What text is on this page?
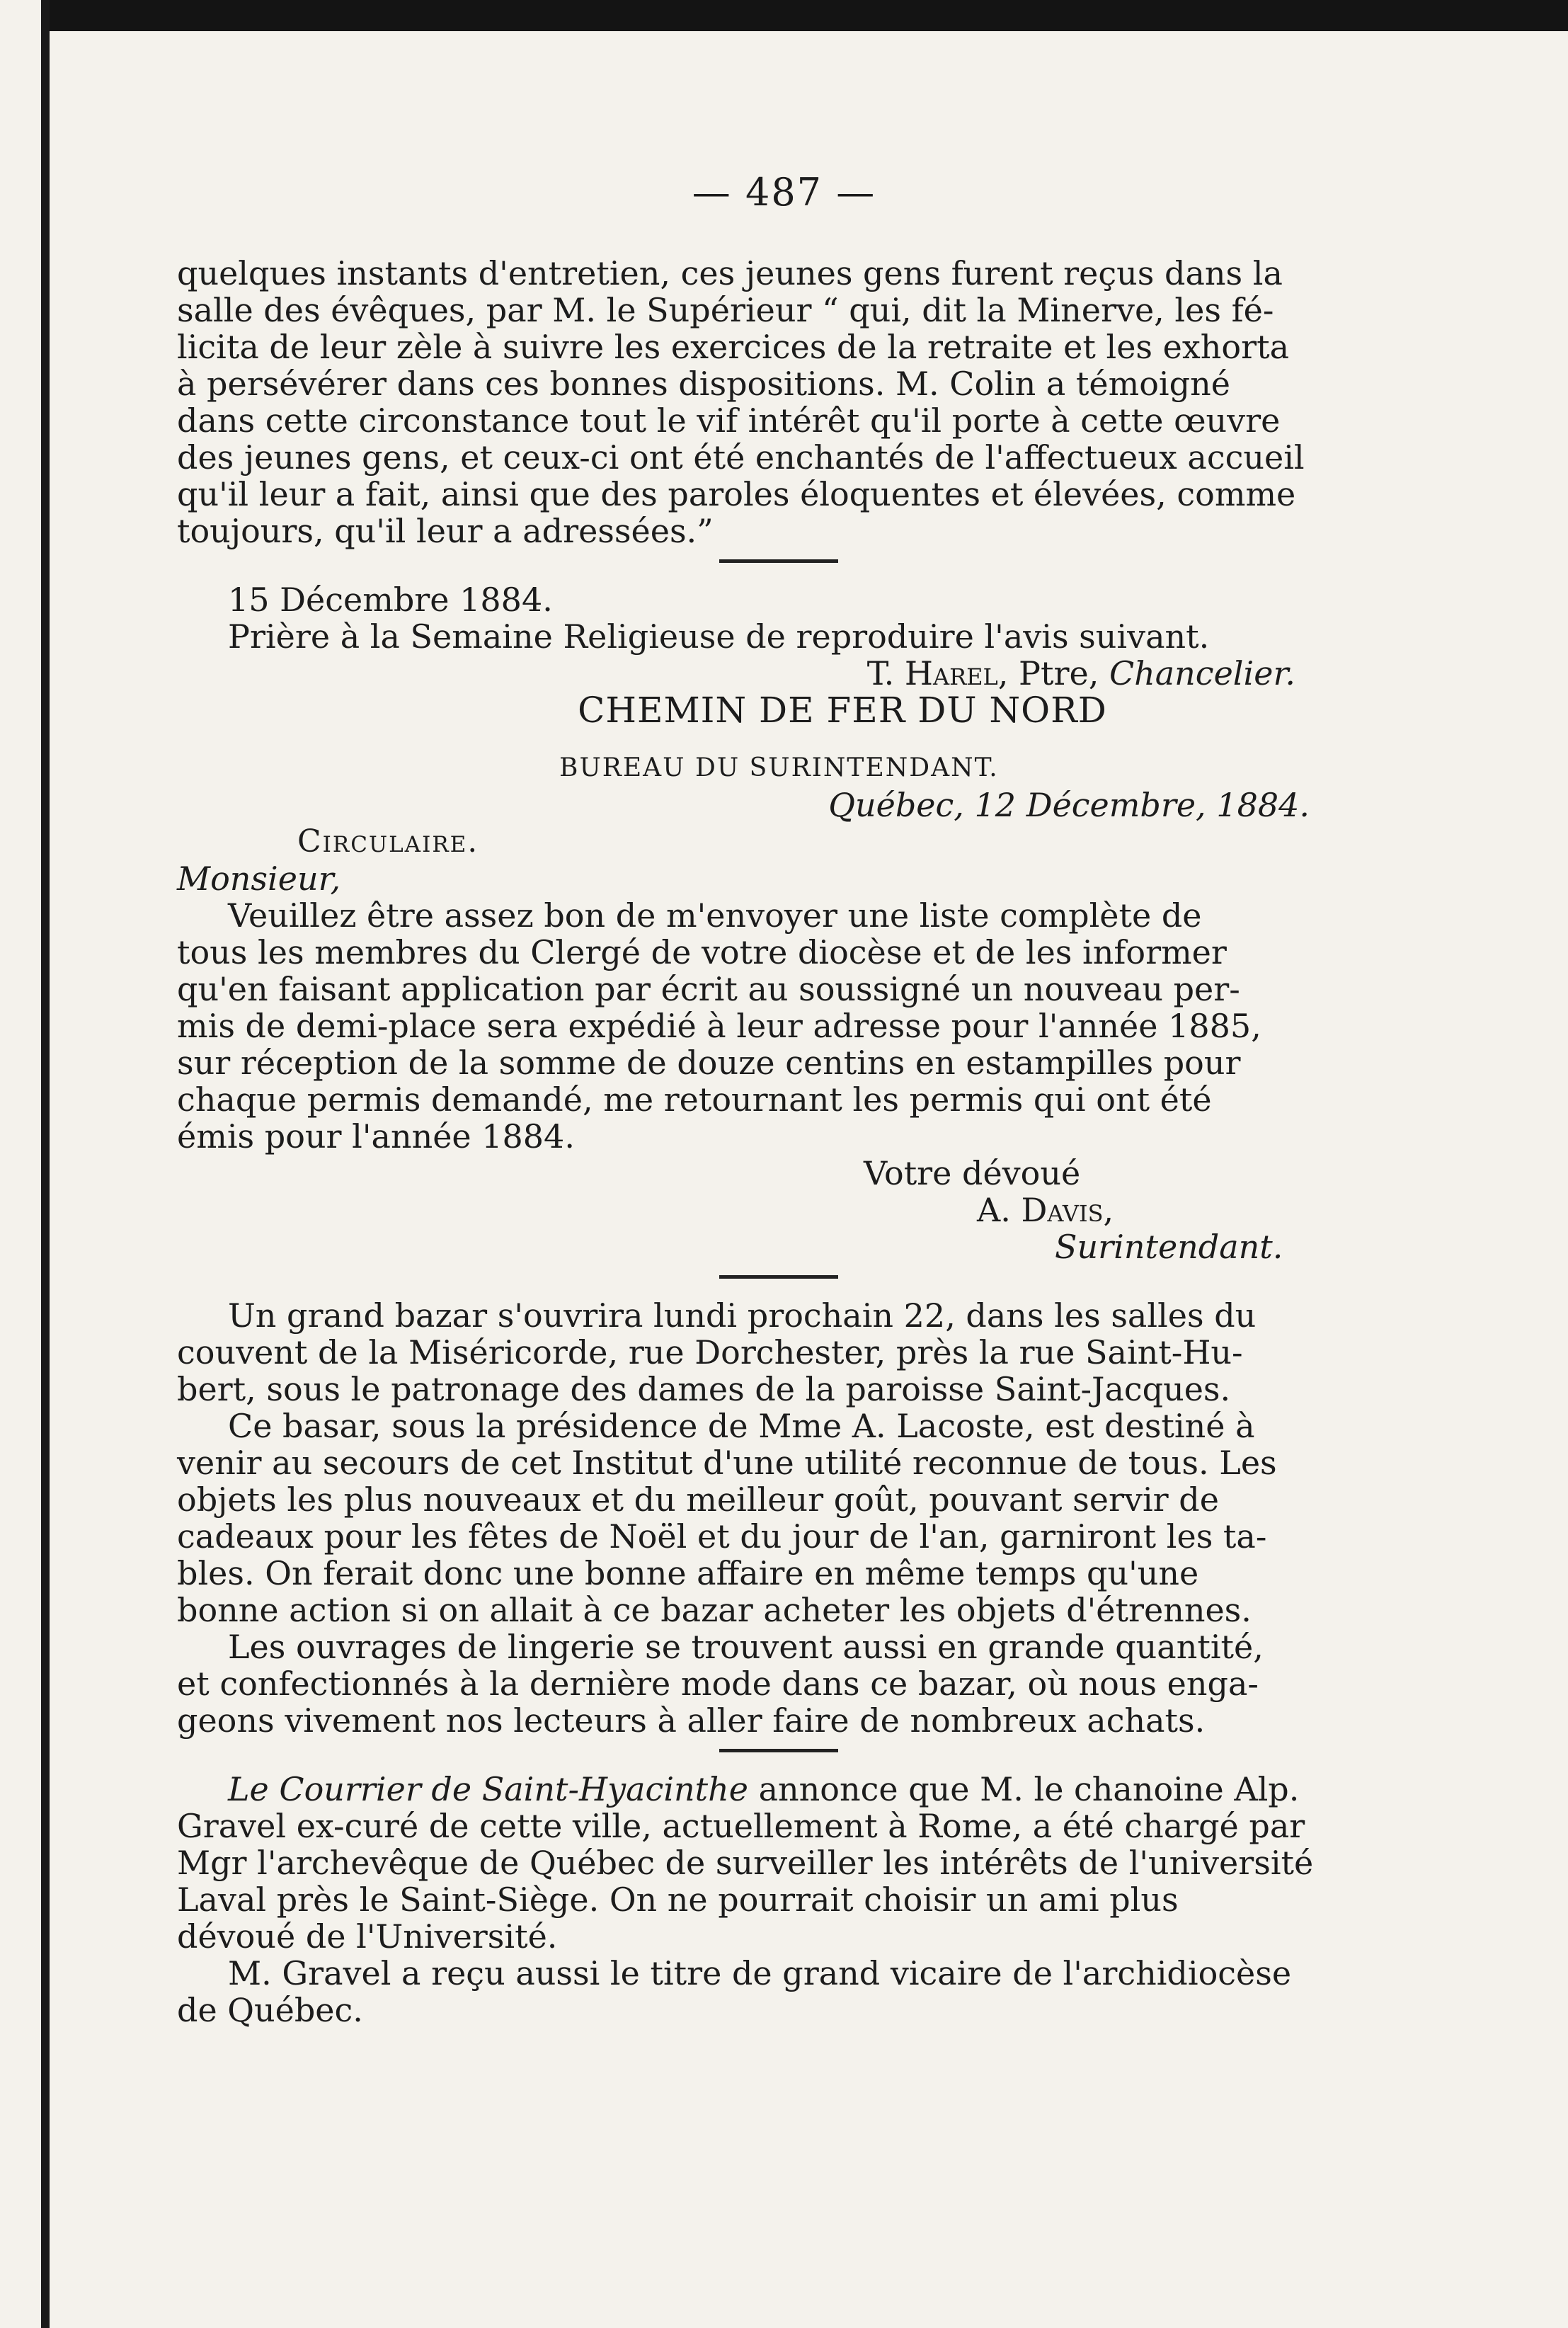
— 487 —

quelques instants d'entretien, ces jeunes gens furent reçus dans la

salle des évêques, par M. le Supérieur “ qui, dit la Minerve, les fé-

licita de leur zèle à suivre les exercices de la retraite et les exhorta

à persévérer dans ces bonnes dispositions. M. Colin a témoigné

dans cette circonstance tout le vif intérêt qu'il porte à cette œuvre

des jeunes gens, et ceux-ci ont été enchantés de l'affectueux accueil

qu'il leur a fait, ainsi que des paroles éloquentes et élevées, comme

toujours, qu'il leur a adressées.”

15 Décembre 1884.

Prière à la Semaine Religieuse de reproduire l'avis suivant.

T. Harel, Ptre, Chancelier.

CHEMIN DE FER DU NORD

BUREAU DU SURINTENDANT.

Québec, 12 Décembre, 1884.

Circulaire.

Monsieur,

Veuillez être assez bon de m'envoyer une liste complète de

tous les membres du Clergé de votre diocèse et de les informer

qu'en faisant application par écrit au soussigné un nouveau per-

mis de demi-place sera expédié à leur adresse pour l'année 1885,

sur réception de la somme de douze centins en estampilles pour

chaque permis demandé, me retournant les permis qui ont été

émis pour l'année 1884.

Votre dévoué

A. Davis,

Surintendant.

Un grand bazar s'ouvrira lundi prochain 22, dans les salles du

couvent de la Miséricorde, rue Dorchester, près la rue Saint-Hu-

bert, sous le patronage des dames de la paroisse Saint-Jacques.

Ce basar, sous la présidence de Mme A. Lacoste, est destiné à

venir au secours de cet Institut d'une utilité reconnue de tous. Les

objets les plus nouveaux et du meilleur goût, pouvant servir de

cadeaux pour les fêtes de Noël et du jour de l'an, garniront les ta-

bles. On ferait donc une bonne affaire en même temps qu'une

bonne action si on allait à ce bazar acheter les objets d'étrennes.

Les ouvrages de lingerie se trouvent aussi en grande quantité,

et confectionnés à la dernière mode dans ce bazar, où nous enga-

geons vivement nos lecteurs à aller faire de nombreux achats.

Le Courrier de Saint-Hyacinthe annonce que M. le chanoine Alp.

Gravel ex-curé de cette ville, actuellement à Rome, a été chargé par

Mgr l'archevêque de Québec de surveiller les intérêts de l'université

Laval près le Saint-Siège. On ne pourrait choisir un ami plus

dévoué de l'Université.

M. Gravel a reçu aussi le titre de grand vicaire de l'archidiocèse

de Québec.
